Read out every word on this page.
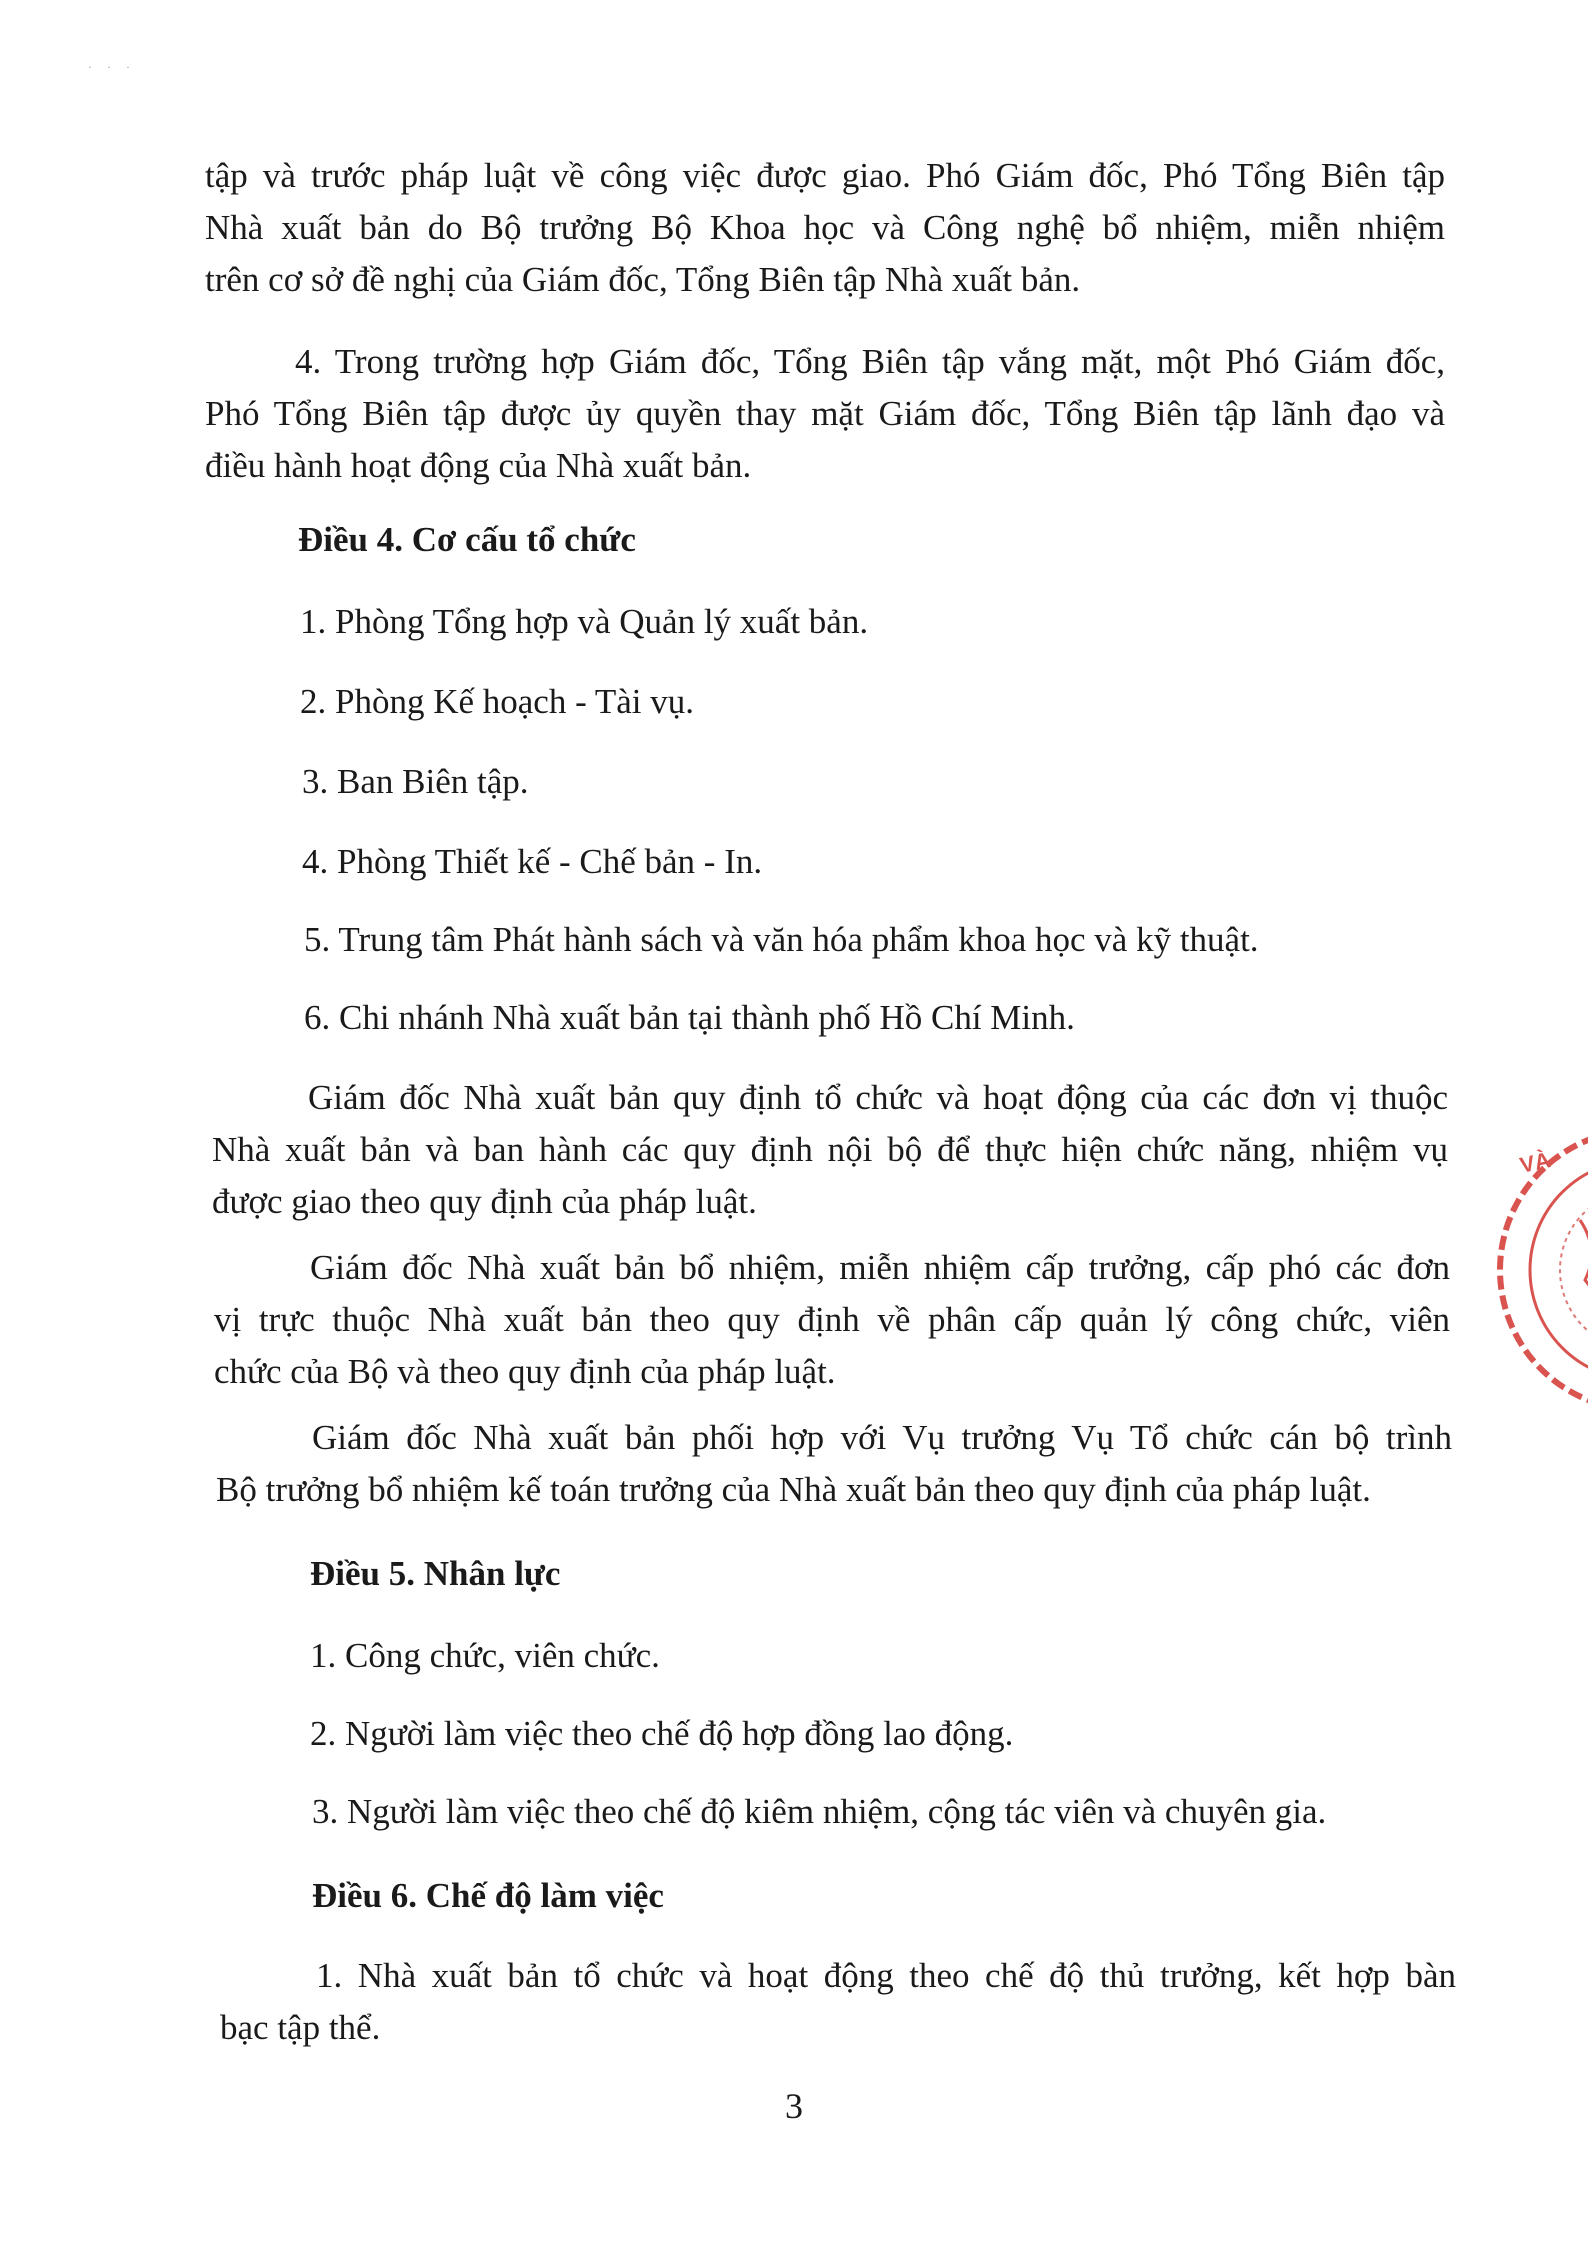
· · ·
tập và trước pháp luật về công việc được giao. Phó Giám đốc, Phó Tổng Biên tập
Nhà xuất bản do Bộ trưởng Bộ Khoa học và Công nghệ bổ nhiệm, miễn nhiệm
trên cơ sở đề nghị của Giám đốc, Tổng Biên tập Nhà xuất bản.
4. Trong trường hợp Giám đốc, Tổng Biên tập vắng mặt, một Phó Giám đốc,
Phó Tổng Biên tập được ủy quyền thay mặt Giám đốc, Tổng Biên tập lãnh đạo và
điều hành hoạt động của Nhà xuất bản.
Điều 4. Cơ cấu tổ chức
1. Phòng Tổng hợp và Quản lý xuất bản.
2. Phòng Kế hoạch - Tài vụ.
3. Ban Biên tập.
4. Phòng Thiết kế - Chế bản - In.
5. Trung tâm Phát hành sách và văn hóa phẩm khoa học và kỹ thuật.
6. Chi nhánh Nhà xuất bản tại thành phố Hồ Chí Minh.
Giám đốc Nhà xuất bản quy định tổ chức và hoạt động của các đơn vị thuộc
Nhà xuất bản và ban hành các quy định nội bộ để thực hiện chức năng, nhiệm vụ
được giao theo quy định của pháp luật.
Giám đốc Nhà xuất bản bổ nhiệm, miễn nhiệm cấp trưởng, cấp phó các đơn
vị trực thuộc Nhà xuất bản theo quy định về phân cấp quản lý công chức, viên
chức của Bộ và theo quy định của pháp luật.
Giám đốc Nhà xuất bản phối hợp với Vụ trưởng Vụ Tổ chức cán bộ trình
Bộ trưởng bổ nhiệm kế toán trưởng của Nhà xuất bản theo quy định của pháp luật.
Điều 5. Nhân lực
1. Công chức, viên chức.
2. Người làm việc theo chế độ hợp đồng lao động.
3. Người làm việc theo chế độ kiêm nhiệm, cộng tác viên và chuyên gia.
Điều 6. Chế độ làm việc
1. Nhà xuất bản tổ chức và hoạt động theo chế độ thủ trưởng, kết hợp bàn
bạc tập thể.
3
VÀ
